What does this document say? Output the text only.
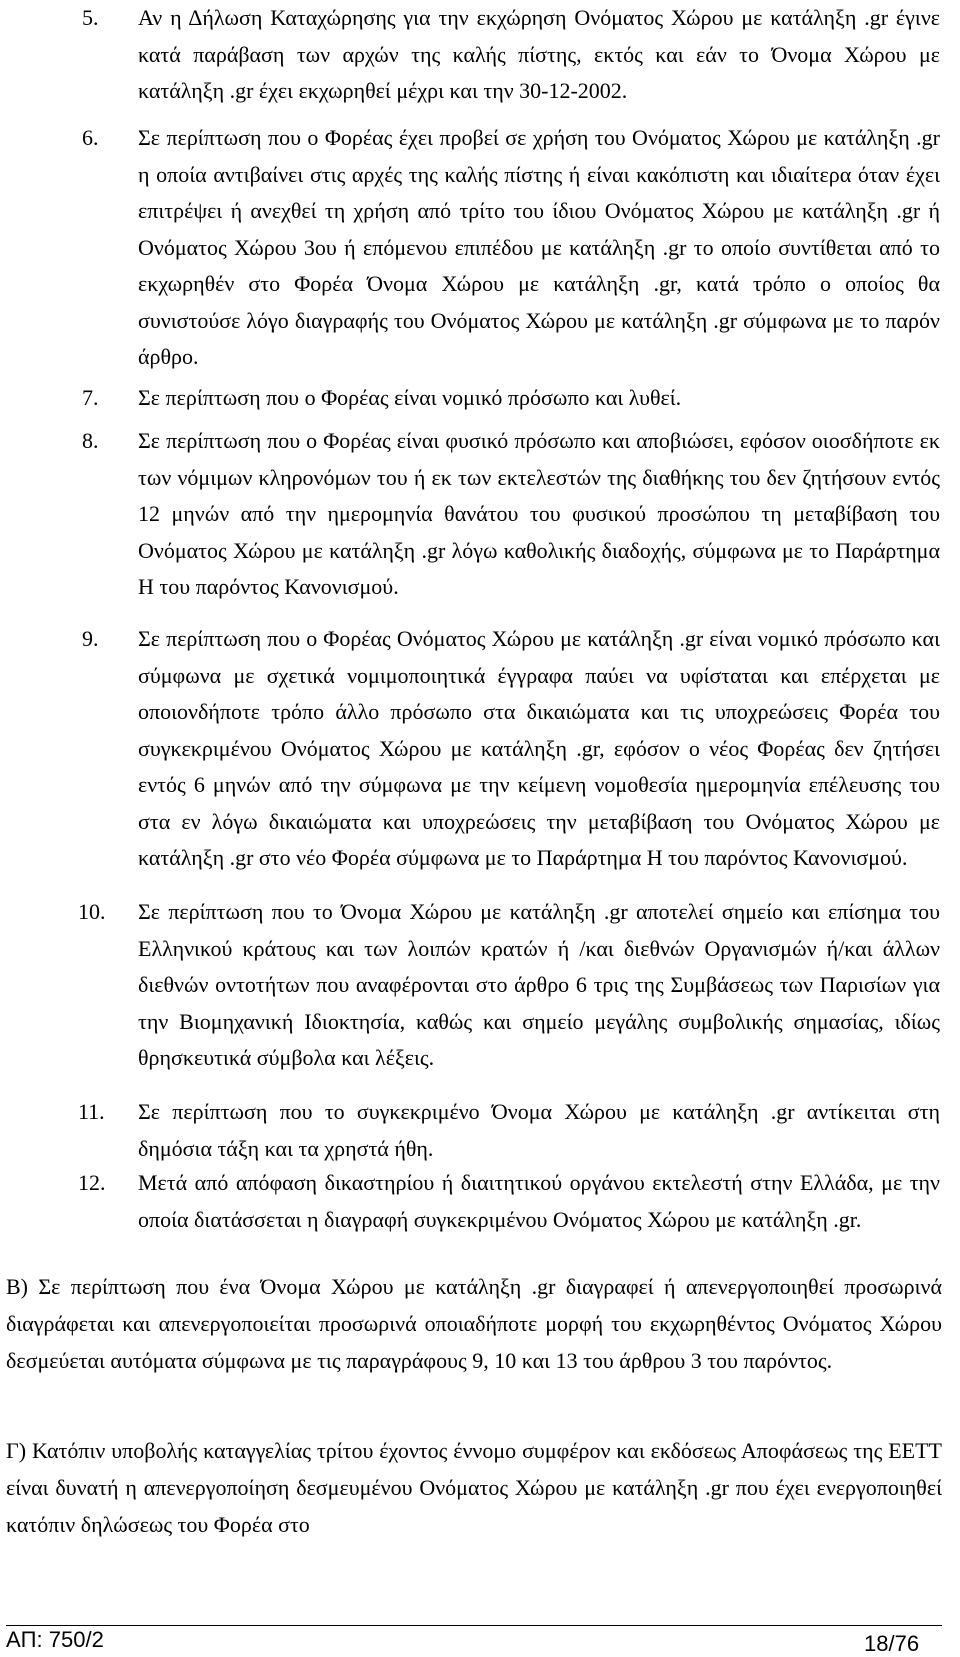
5. Αν η Δήλωση Καταχώρησης για την εκχώρηση Ονόματος Χώρου με κατάληξη .gr έγινε κατά παράβαση των αρχών της καλής πίστης, εκτός και εάν το Όνομα Χώρου με κατάληξη .gr έχει εκχωρηθεί μέχρι και την 30-12-2002.
6. Σε περίπτωση που ο Φορέας έχει προβεί σε χρήση του Ονόματος Χώρου με κατάληξη .gr η οποία αντιβαίνει στις αρχές της καλής πίστης ή είναι κακόπιστη και ιδιαίτερα όταν έχει επιτρέψει ή ανεχθεί τη χρήση από τρίτο του ίδιου Ονόματος Χώρου με κατάληξη .gr ή Ονόματος Χώρου 3ου ή επόμενου επιπέδου με κατάληξη .gr το οποίο συντίθεται από το εκχωρηθέν στο Φορέα Όνομα Χώρου με κατάληξη .gr, κατά τρόπο ο οποίος θα συνιστούσε λόγο διαγραφής του Ονόματος Χώρου με κατάληξη .gr σύμφωνα με το παρόν άρθρο.
7. Σε περίπτωση που ο Φορέας είναι νομικό πρόσωπο και λυθεί.
8. Σε περίπτωση που ο Φορέας είναι φυσικό πρόσωπο και αποβιώσει, εφόσον οιοσδήποτε εκ των νόμιμων κληρονόμων του ή εκ των εκτελεστών της διαθήκης του δεν ζητήσουν εντός 12 μηνών από την ημερομηνία θανάτου του φυσικού προσώπου τη μεταβίβαση του Ονόματος Χώρου με κατάληξη .gr λόγω καθολικής διαδοχής, σύμφωνα με το Παράρτημα Η του παρόντος Κανονισμού.
9. Σε περίπτωση που ο Φορέας Ονόματος Χώρου με κατάληξη .gr είναι νομικό πρόσωπο και σύμφωνα με σχετικά νομιμοποιητικά έγγραφα παύει να υφίσταται και επέρχεται με οποιονδήποτε τρόπο άλλο πρόσωπο στα δικαιώματα και τις υποχρεώσεις Φορέα του συγκεκριμένου Ονόματος Χώρου με κατάληξη .gr, εφόσον ο νέος Φορέας δεν ζητήσει εντός 6 μηνών από την σύμφωνα με την κείμενη νομοθεσία ημερομηνία επέλευσης του στα εν λόγω δικαιώματα και υποχρεώσεις την μεταβίβαση του Ονόματος Χώρου με κατάληξη .gr στο νέο Φορέα σύμφωνα με το Παράρτημα Η του παρόντος Κανονισμού.
10. Σε περίπτωση που το Όνομα Χώρου με κατάληξη .gr αποτελεί σημείο και επίσημα του Ελληνικού κράτους και των λοιπών κρατών ή /και διεθνών Οργανισμών ή/και άλλων διεθνών οντοτήτων που αναφέρονται στο άρθρο 6 τρις της Συμβάσεως των Παρισίων για την Βιομηχανική Ιδιοκτησία, καθώς και σημείο μεγάλης συμβολικής σημασίας, ιδίως θρησκευτικά σύμβολα και λέξεις.
11. Σε περίπτωση που το συγκεκριμένο Όνομα Χώρου με κατάληξη .gr αντίκειται στη δημόσια τάξη και τα χρηστά ήθη.
12. Μετά από απόφαση δικαστηρίου ή διαιτητικού οργάνου εκτελεστή στην Ελλάδα, με την οποία διατάσσεται η διαγραφή συγκεκριμένου Ονόματος Χώρου με κατάληξη .gr.
Β) Σε περίπτωση που ένα Όνομα Χώρου με κατάληξη .gr διαγραφεί ή απενεργοποιηθεί προσωρινά διαγράφεται και απενεργοποιείται προσωρινά οποιαδήποτε μορφή του εκχωρηθέντος Ονόματος Χώρου δεσμεύεται αυτόματα σύμφωνα με τις παραγράφους 9, 10 και 13 του άρθρου 3 του παρόντος.
Γ) Κατόπιν υποβολής καταγγελίας τρίτου έχοντος έννομο συμφέρον και εκδόσεως Αποφάσεως της ΕΕΤΤ είναι δυνατή η απενεργοποίηση δεσμευμένου Ονόματος Χώρου με κατάληξη .gr που έχει ενεργοποιηθεί κατόπιν δηλώσεως του Φορέα στο
ΑΠ: 750/2	18/76
